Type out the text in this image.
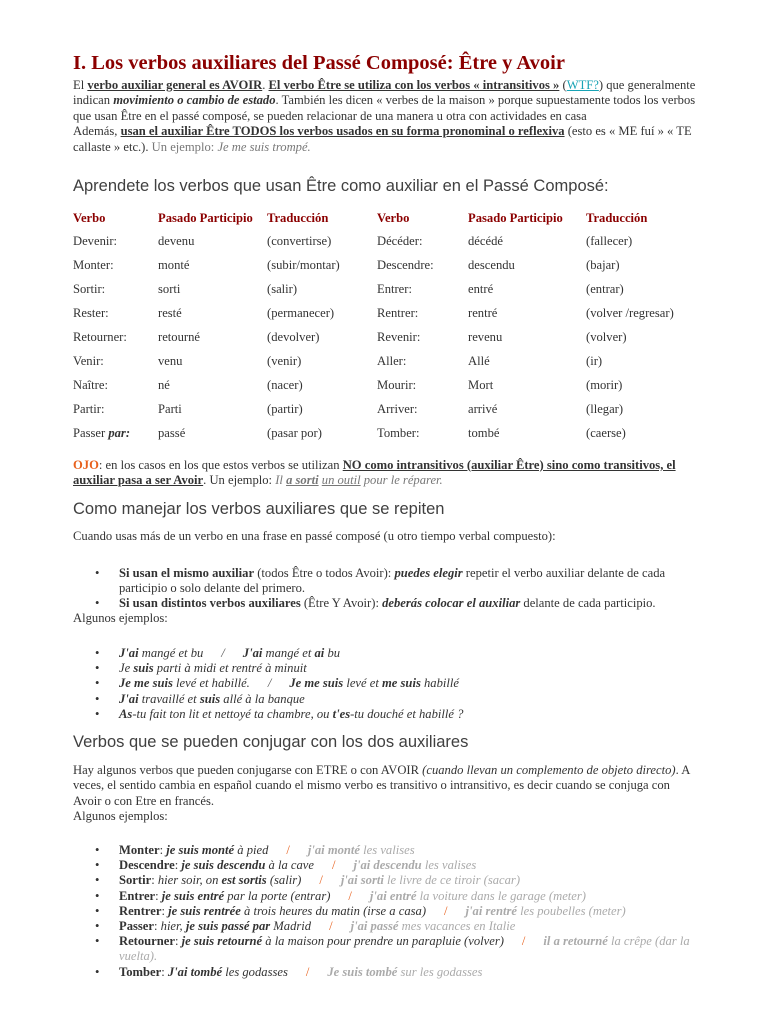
I. Los verbos auxiliares del Passé Composé: Être y Avoir
El verbo auxiliar general es AVOIR. El verbo Être se utiliza con los verbos « intransitivos » (WTF?) que generalmente indican movimiento o cambio de estado. También les dicen « verbes de la maison » porque supuestamente todos los verbos que usan Être en el passé composé, se pueden relacionar de una manera u otra con actividades en casa
Además, usan el auxiliar Être TODOS los verbos usados en su forma pronominal o reflexiva (esto es « ME fuí » « TE callaste » etc.). Un ejemplo: Je me suis trompé.
Aprendete los verbos que usan Être como auxiliar en el Passé Composé:
Verbo	Pasado Participio	Traducción	Verbo	Pasado Participio	Traducción
Devenir:	devenu	(convertirse)	Décéder:	décédé	(fallecer)
Monter:	monté	(subir/montar)	Descendre:	descendu	(bajar)
Sortir:	sorti	(salir)	Entrer:	entré	(entrar)
Rester:	resté	(permanecer)	Rentrer:	rentré	(volver /regresar)
Retourner:	retourné	(devolver)	Revenir:	revenu	(volver)
Venir:	venu	(venir)	Aller:	Allé	(ir)
Naître:	né	(nacer)	Mourir:	Mort	(morir)
Partir:	Parti	(partir)	Arriver:	arrivé	(llegar)
Passer par:	passé	(pasar por)	Tomber:	tombé	(caerse)
OJO: en los casos en los que estos verbos se utilizan NO como intransitivos (auxiliar Être) sino como transitivos, el auxiliar pasa a ser Avoir. Un ejemplo: Il a sorti un outil pour le réparer.
Como manejar los verbos auxiliares que se repiten
Cuando usas más de un verbo en una frase en passé composé (u otro tiempo verbal compuesto):
• Si usan el mismo auxiliar (todos Être o todos Avoir): puedes elegir repetir el verbo auxiliar delante de cada participio o solo delante del primero.
• Si usan distintos verbos auxiliares (Être Y Avoir): deberás colocar el auxiliar delante de cada participio.
Algunos ejemplos:
• J'ai mangé et bu / J'ai mangé et ai bu
• Je suis parti à midi et rentré à minuit
• Je me suis levé et habillé. / Je me suis levé et me suis habillé
• J'ai travaillé et suis allé à la banque
• As-tu fait ton lit et nettoyé ta chambre, ou t'es-tu douché et habillé ?
Verbos que se pueden conjugar con los dos auxiliares
Hay algunos verbos que pueden conjugarse con ETRE o con AVOIR (cuando llevan un complemento de objeto directo). A veces, el sentido cambia en español cuando el mismo verbo es transitivo o intransitivo, es decir cuando se conjuga con Avoir o con Etre en francés.
Algunos ejemplos:
• Monter: je suis monté à pied / j'ai monté les valises
• Descendre: je suis descendu à la cave / j'ai descendu les valises
• Sortir: hier soir, on est sortis (salir) / j'ai sorti le livre de ce tiroir (sacar)
• Entrer: je suis entré par la porte (entrar) / j'ai entré la voiture dans le garage (meter)
• Rentrer: je suis rentrée à trois heures du matin (irse a casa) / j'ai rentré les poubelles (meter)
• Passer: hier, je suis passé par Madrid / j'ai passé mes vacances en Italie
• Retourner: je suis retourné à la maison pour prendre un parapluie (volver) / il a retourné la crêpe (dar la vuelta).
• Tomber: J'ai tombé les godasses / Je suis tombé sur les godasses
